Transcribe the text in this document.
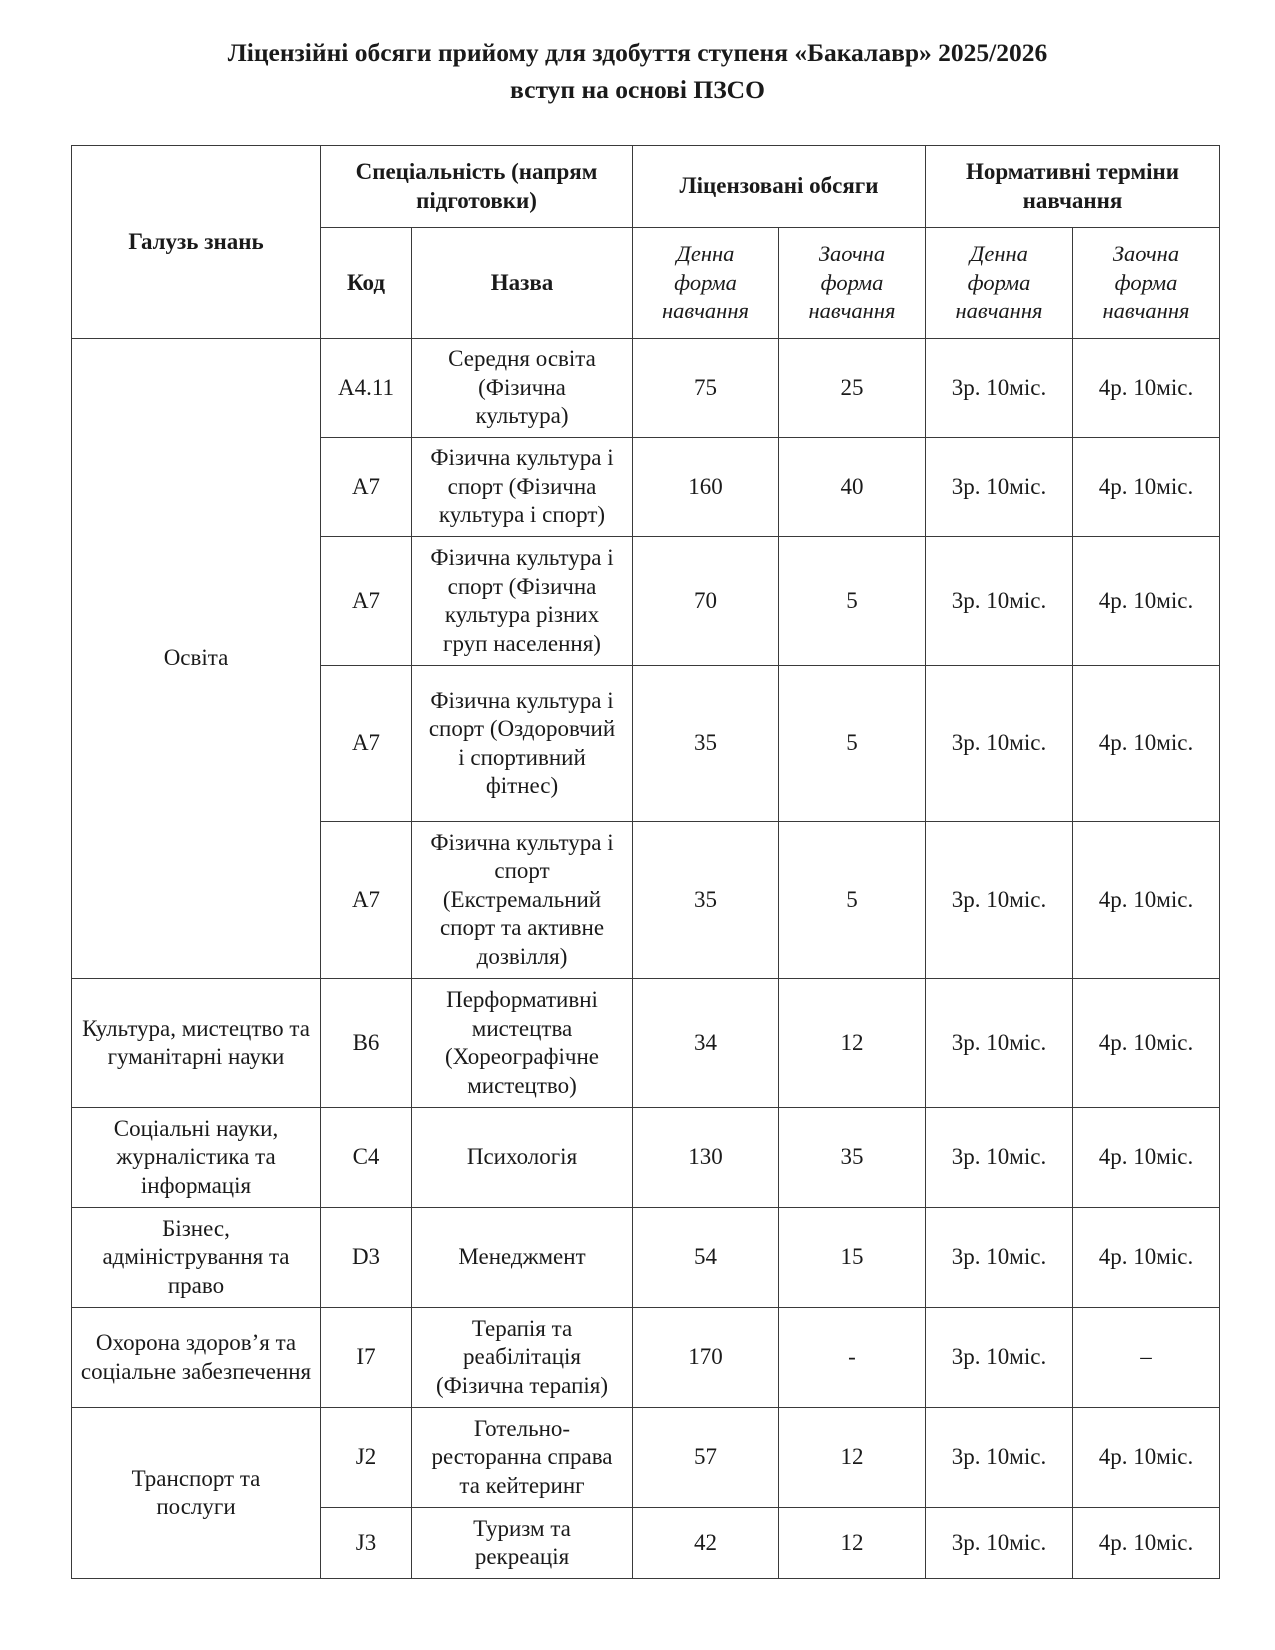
Ліцензійні обсяги прийому для здобуття ступеня «Бакалавр» 2025/2026
вступ на основі ПЗСО
Галузь знань	Спеціальність (напрям підготовки)		Ліцензовані обсяги		Нормативні терміни навчання	
	Код	Назва	Денна форма навчання	Заочна форма навчання	Денна форма навчання	Заочна форма навчання
Освіта	A4.11	Середня освіта (Фізична культура)	75	25	3р. 10міс.	4р. 10міс.
	A7	Фізична культура і спорт (Фізична культура і спорт)	160	40	3р. 10міс.	4р. 10міс.
	A7	Фізична культура і спорт (Фізична культура різних груп населення)	70	5	3р. 10міс.	4р. 10міс.
	A7	Фізична культура і спорт (Оздоровчий і спортивний фітнес)	35	5	3р. 10міс.	4р. 10міс.
	A7	Фізична культура і спорт (Екстремальний спорт та активне дозвілля)	35	5	3р. 10міс.	4р. 10міс.
Культура, мистецтво та гуманітарні науки	B6	Перформативні мистецтва (Хореографічне мистецтво)	34	12	3р. 10міс.	4р. 10міс.
Соціальні науки, журналістика та інформація	C4	Психологія	130	35	3р. 10міс.	4р. 10міс.
Бізнес, адміністрування та право	D3	Менеджмент	54	15	3р. 10міс.	4р. 10міс.
Охорона здоров’я та соціальне забезпечення	I7	Терапія та реабілітація (Фізична терапія)	170	-	3р. 10міс.	–
Транспорт та послуги	J2	Готельно-ресторанна справа та кейтеринг	57	12	3р. 10міс.	4р. 10міс.
	J3	Туризм та рекреація	42	12	3р. 10міс.	4р. 10міс.
